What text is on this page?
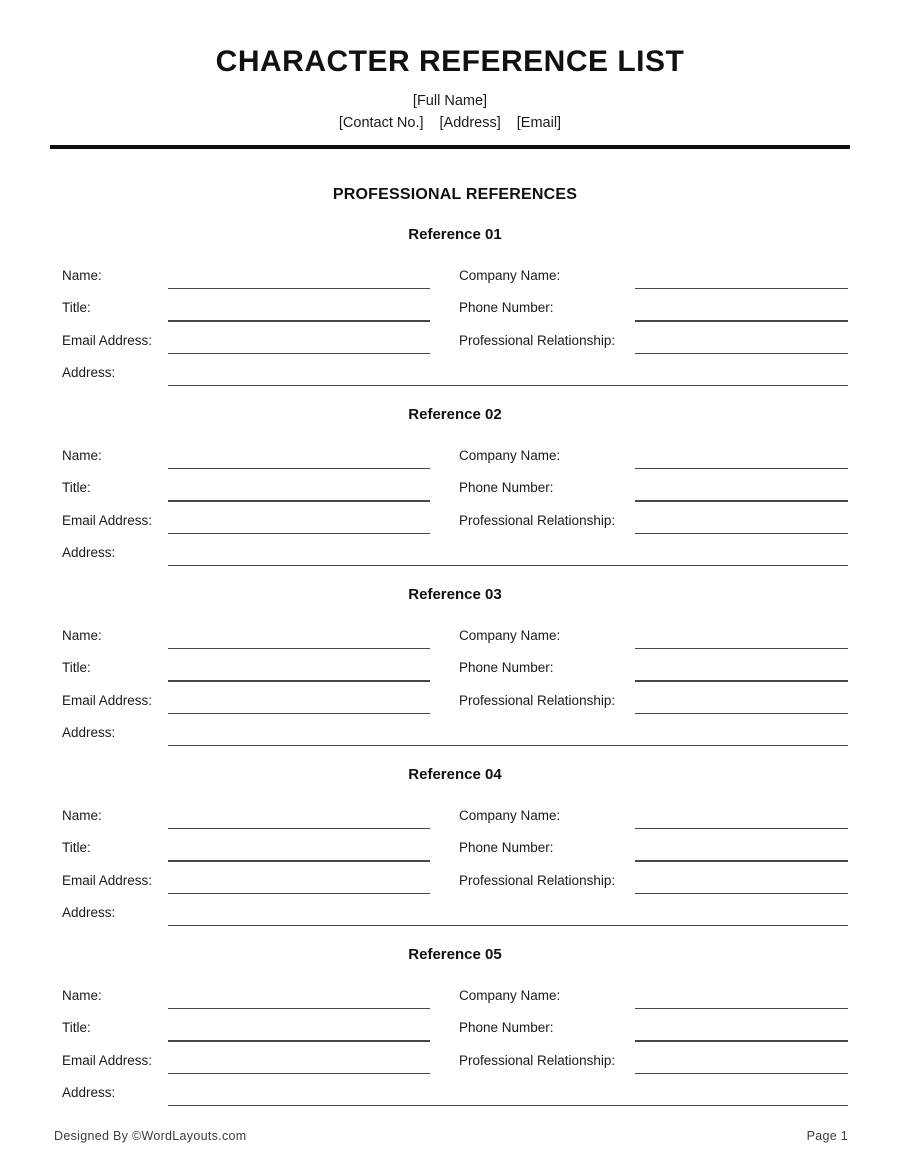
CHARACTER REFERENCE LIST
[Full Name]
[Contact No.] [Address] [Email]
PROFESSIONAL REFERENCES
Reference 01
Name:	Company Name:
Title:	Phone Number:
Email Address:	Professional Relationship:
Address:
Reference 02
Name:	Company Name:
Title:	Phone Number:
Email Address:	Professional Relationship:
Address:
Reference 03
Name:	Company Name:
Title:	Phone Number:
Email Address:	Professional Relationship:
Address:
Reference 04
Name:	Company Name:
Title:	Phone Number:
Email Address:	Professional Relationship:
Address:
Reference 05
Name:	Company Name:
Title:	Phone Number:
Email Address:	Professional Relationship:
Address:
Designed By ©WordLayouts.com	Page 1
